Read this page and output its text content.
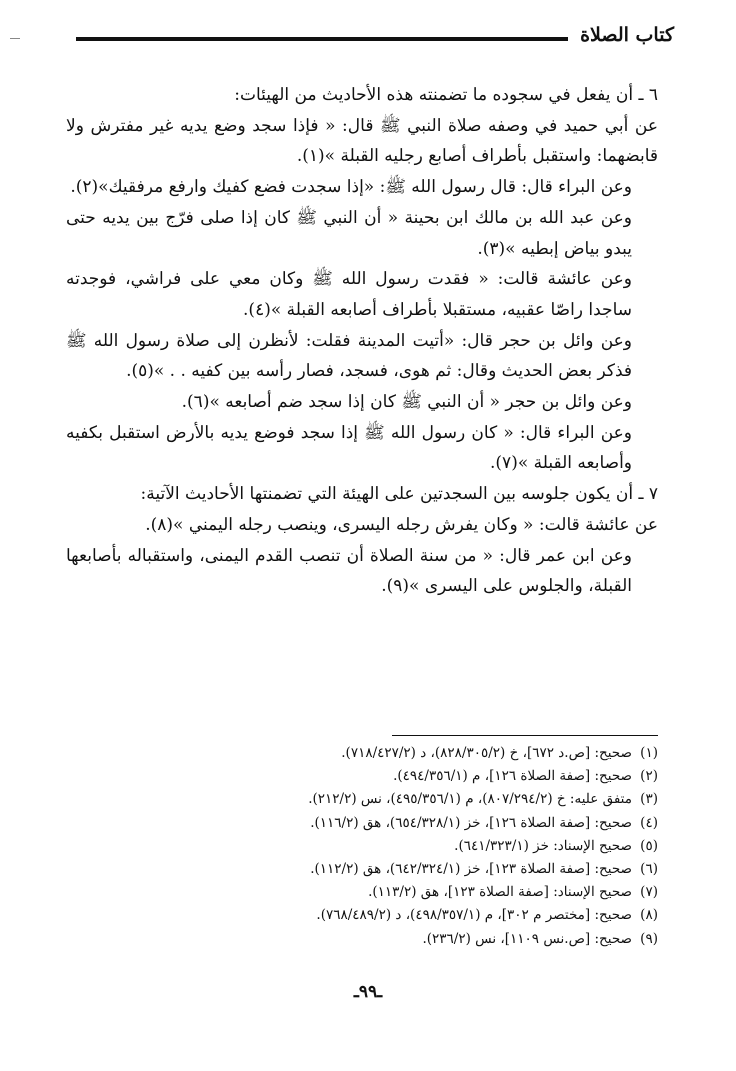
كتاب الصلاة

٦ ـ أن يفعل في سجوده ما تضمنته هذه الأحاديث من الهيئات:

عن أبي حميد في وصفه صلاة النبي ﷺ قال: « فإذا سجد وضع يديه غير مفترش ولا قابضهما: واستقبل بأطراف أصابع رجليه القبلة »(١).

وعن البراء قال: قال رسول الله ﷺ: «إذا سجدت فضع كفيك وارفع مرفقيك»(٢).

وعن عبد الله بن مالك ابن بحينة « أن النبي ﷺ كان إذا صلى فرّج بين يديه حتى يبدو بياض إبطيه »(٣).

وعن عائشة قالت: « فقدت رسول الله ﷺ وكان معي على فراشي، فوجدته ساجدا راصّا عقبيه، مستقبلا بأطراف أصابعه القبلة »(٤).

وعن وائل بن حجر قال: «أتيت المدينة فقلت: لأنظرن إلى صلاة رسول الله ﷺ فذكر بعض الحديث وقال: ثم هوى، فسجد، فصار رأسه بين كفيه . . »(٥).

وعن وائل بن حجر « أن النبي ﷺ كان إذا سجد ضم أصابعه »(٦).

وعن البراء قال: « كان رسول الله ﷺ إذا سجد فوضع يديه بالأرض استقبل بكفيه وأصابعه القبلة »(٧).

٧ ـ أن يكون جلوسه بين السجدتين على الهيئة التي تضمنتها الأحاديث الآتية:

عن عائشة قالت: « وكان يفرش رجله اليسرى، وينصب رجله اليمني »(٨).

وعن ابن عمر قال: « من سنة الصلاة أن تنصب القدم اليمنى، واستقباله بأصابعها القبلة، والجلوس على اليسرى »(٩).

(١)صحيح: [ص.د ٦٧٢]، خ (٨٢٨/٣٠٥/٢)، د (٧١٨/٤٢٧/٢).

(٢)صحيح: [صفة الصلاة ١٢٦]، م (٤٩٤/٣٥٦/١).

(٣)متفق عليه: خ (٨٠٧/٢٩٤/٢)، م (٤٩٥/٣٥٦/١)، نس (٢١٢/٢).

(٤)صحيح: [صفة الصلاة ١٢٦]، خز (٦٥٤/٣٢٨/١)، هق (١١٦/٢).

(٥)صحيح الإسناد: خز (٦٤١/٣٢٣/١).

(٦)صحيح: [صفة الصلاة ١٢٣]، خز (٦٤٢/٣٢٤/١)، هق (١١٢/٢).

(٧)صحيح الإسناد: [صفة الصلاة ١٢٣]، هق (١١٣/٢).

(٨)صحيح: [مختصر م ٣٠٢]، م (٤٩٨/٣٥٧/١)، د (٧٦٨/٤٨٩/٢).

(٩)صحيح: [ص.نس ١١٠٩]، نس (٢٣٦/٢).

ـ٩٩ـ
